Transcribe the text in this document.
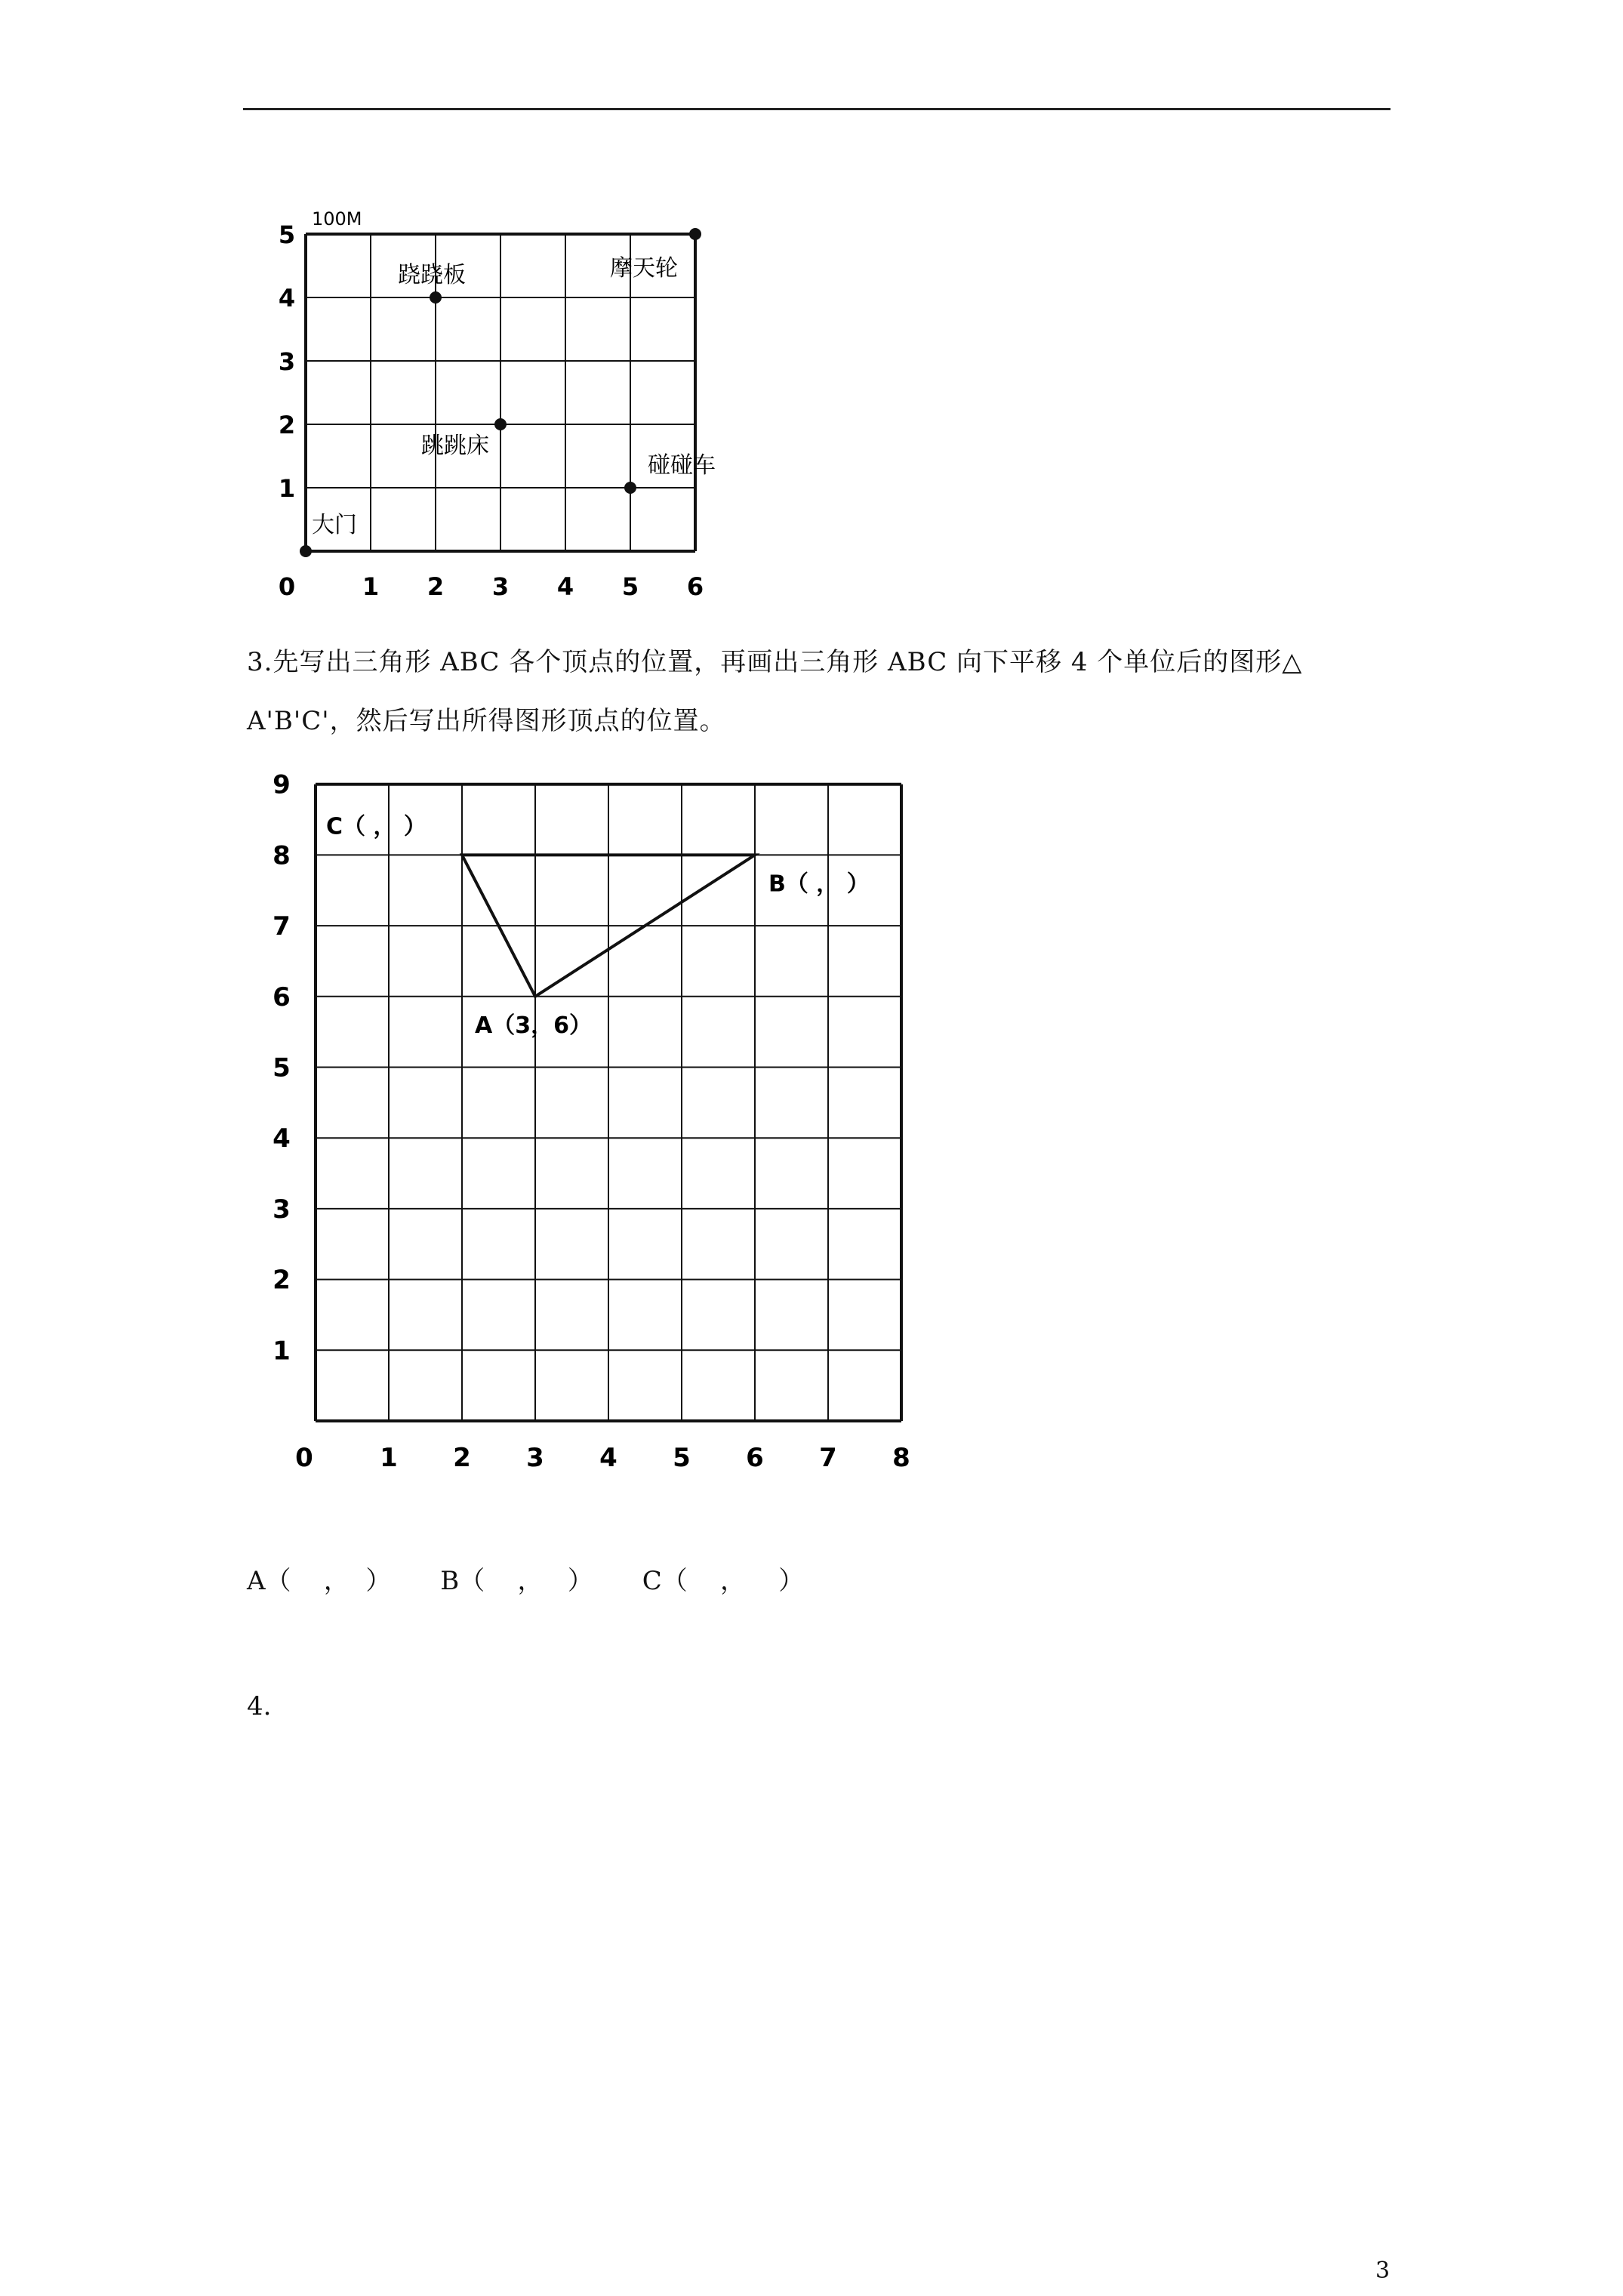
0	1 2 3 4 5 6
1
2
3
4
5
100M
大门
跷跷板	摩天轮
跳跳床
碰碰车
3.先写出三角形 ABC 各个顶点的位置，再画出三角形 ABC 向下平移 4 个单位后的图形△
A'B'C'，然后写出所得图形顶点的位置。
0	1 2 3 4 5 6 7 8
1
2
3
4
5
6
7
8
9
A（3，6）
B（ ， ）
C（ ， ）
A（    ，  ）      B（    ，   ）      C（    ，    ）
4.
3
